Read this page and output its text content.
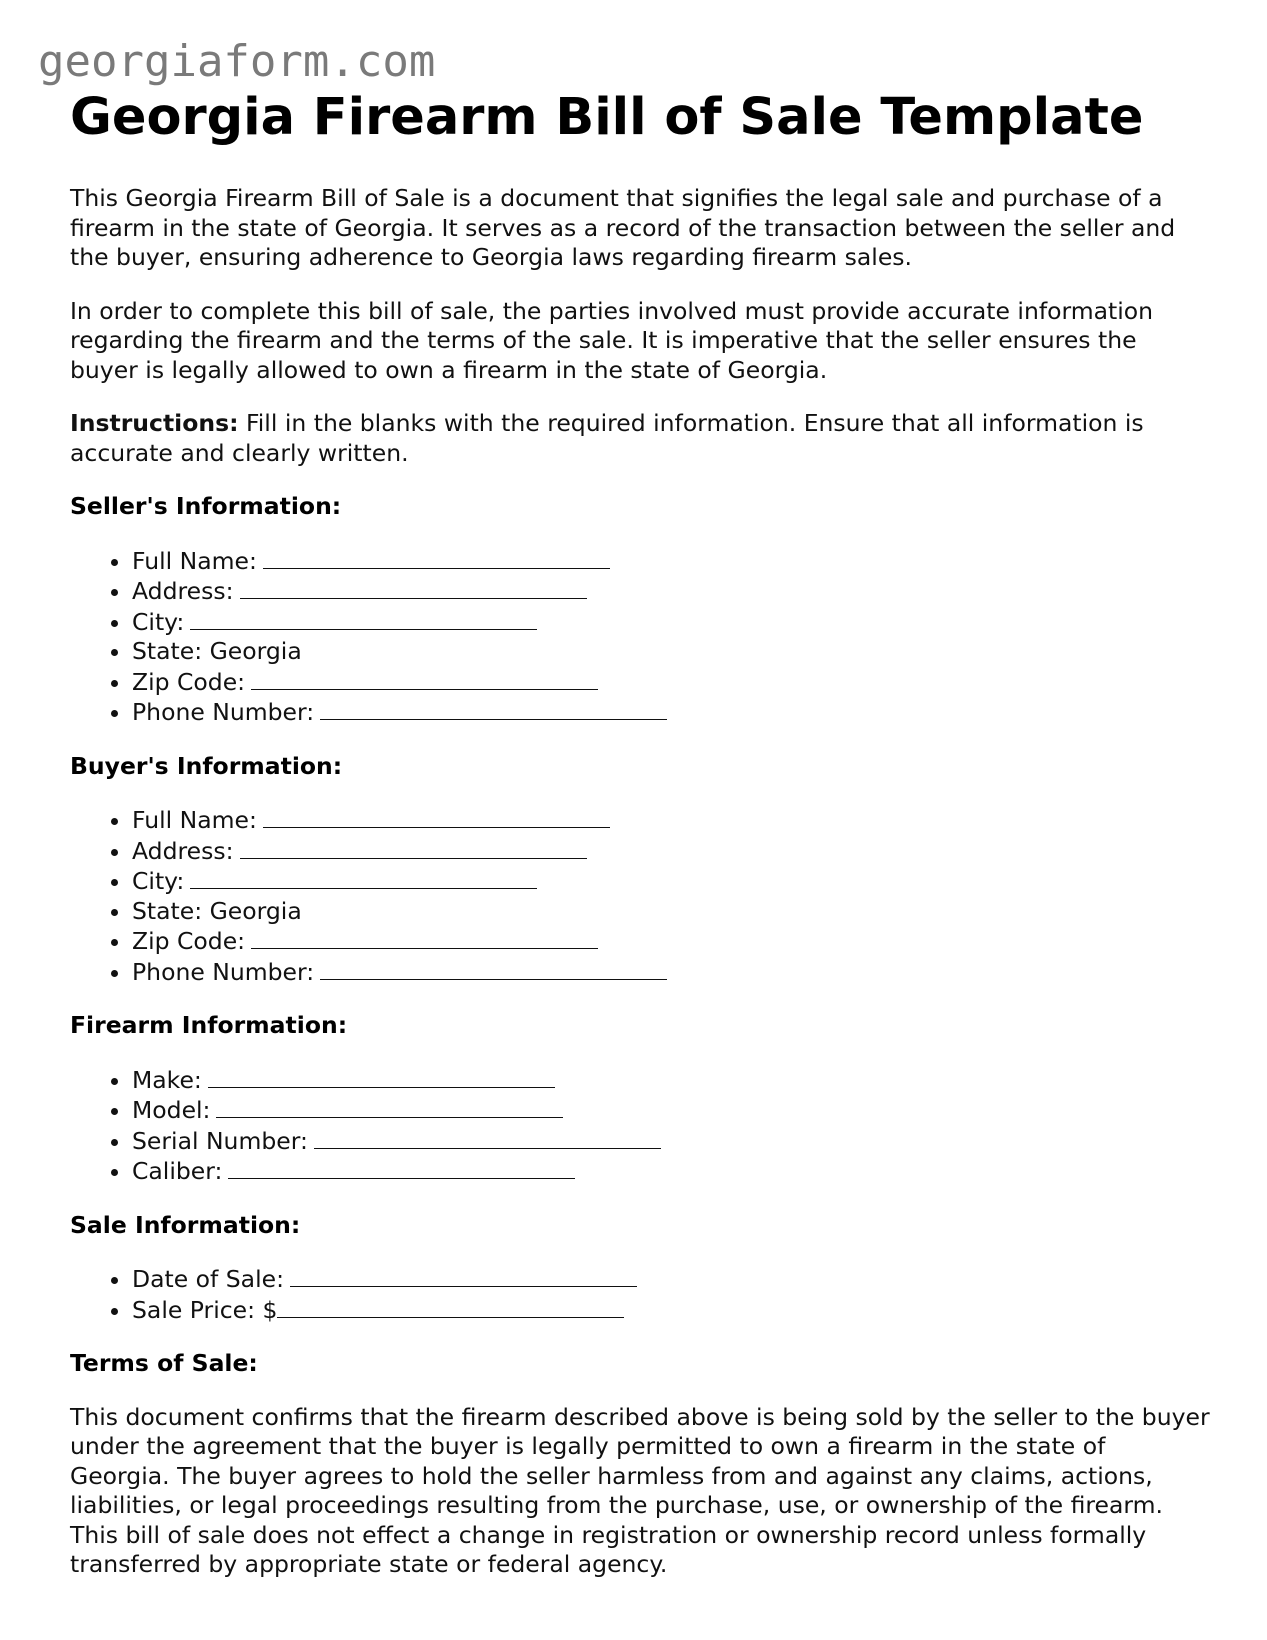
georgiaform.com
Georgia Firearm Bill of Sale Template

This Georgia Firearm Bill of Sale is a document that signifies the legal sale and purchase of a firearm in the state of Georgia. It serves as a record of the transaction between the seller and the buyer, ensuring adherence to Georgia laws regarding firearm sales.

In order to complete this bill of sale, the parties involved must provide accurate information regarding the firearm and the terms of the sale. It is imperative that the seller ensures the buyer is legally allowed to own a firearm in the state of Georgia.

Instructions: Fill in the blanks with the required information. Ensure that all information is accurate and clearly written.

Seller's Information:
• Full Name:
• Address:
• City:
• State: Georgia
• Zip Code:
• Phone Number:
Buyer's Information:
• Full Name:
• Address:
• City:
• State: Georgia
• Zip Code:
• Phone Number:
Firearm Information:
• Make:
• Model:
• Serial Number:
• Caliber:
Sale Information:
• Date of Sale:
• Sale Price: $
Terms of Sale:

This document confirms that the firearm described above is being sold by the seller to the buyer under the agreement that the buyer is legally permitted to own a firearm in the state of Georgia. The buyer agrees to hold the seller harmless from and against any claims, actions, liabilities, or legal proceedings resulting from the purchase, use, or ownership of the firearm. This bill of sale does not effect a change in registration or ownership record unless formally transferred by appropriate state or federal agency.
